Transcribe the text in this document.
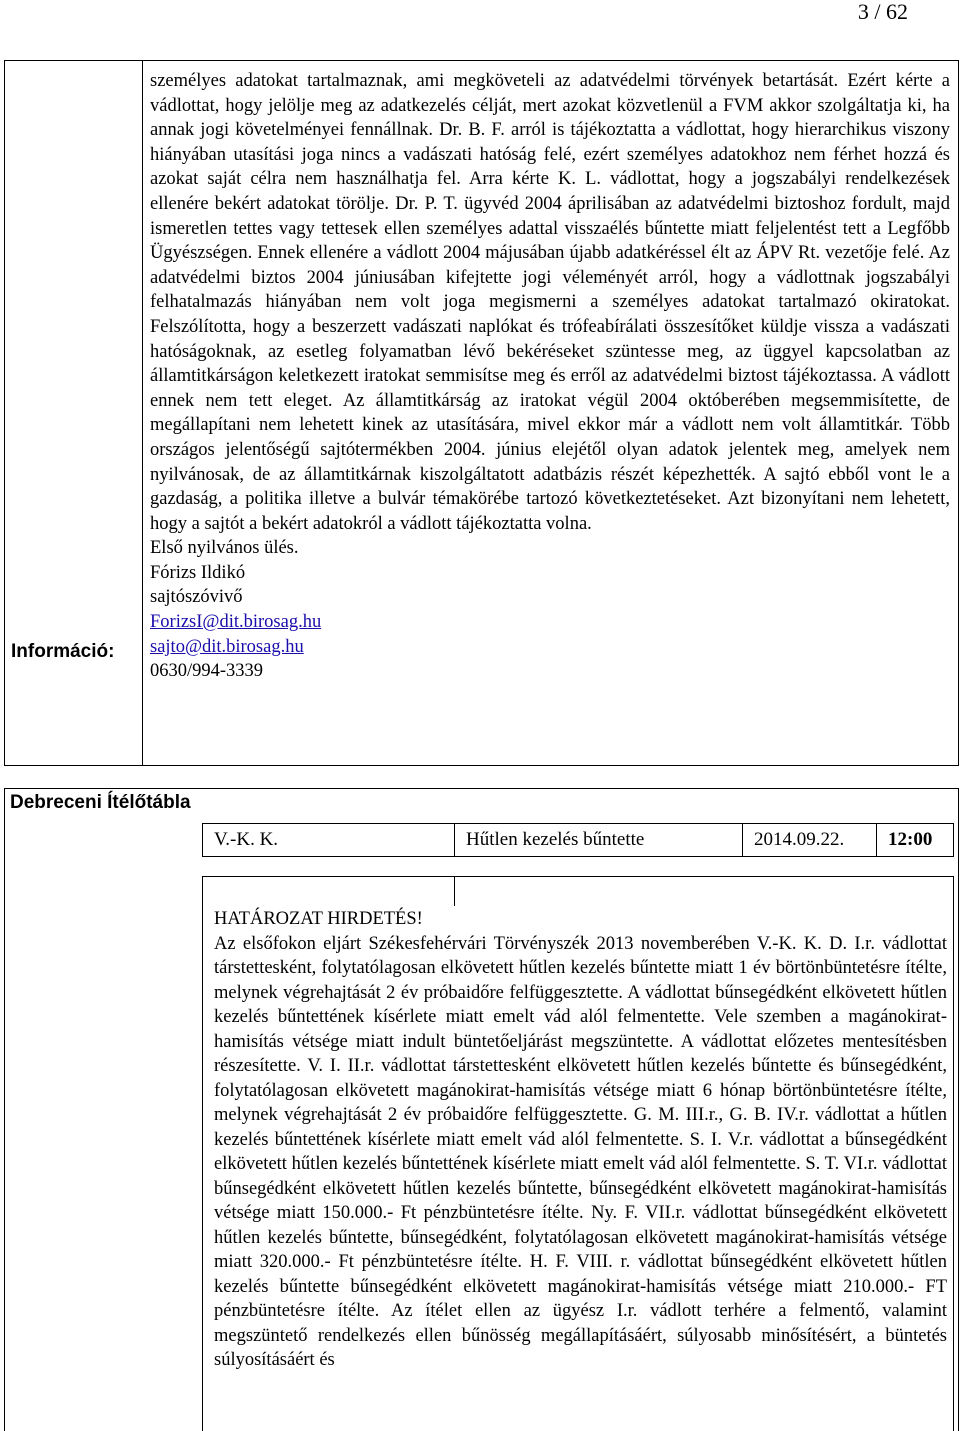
3 / 62
Információ:
személyes adatokat tartalmaznak, ami megköveteli az adatvédelmi törvények betartását. Ezért kérte a vádlottat, hogy jelölje meg az adatkezelés célját, mert azokat közvetlenül a FVM akkor szolgáltatja ki, ha annak jogi követelményei fennállnak. Dr. B. F. arról is tájékoztatta a vádlottat, hogy hierarchikus viszony hiányában utasítási joga nincs a vadászati hatóság felé, ezért személyes adatokhoz nem férhet hozzá és azokat saját célra nem használhatja fel. Arra kérte K. L. vádlottat, hogy a jogszabályi rendelkezések ellenére bekért adatokat törölje. Dr. P. T. ügyvéd 2004 áprilisában az adatvédelmi biztoshoz fordult, majd ismeretlen tettes vagy tettesek ellen személyes adattal visszaélés bűntette miatt feljelentést tett a Legfőbb Ügyészségen. Ennek ellenére a vádlott 2004 májusában újabb adatkéréssel élt az ÁPV Rt. vezetője felé. Az adatvédelmi biztos 2004 júniusában kifejtette jogi véleményét arról, hogy a vádlottnak jogszabályi felhatalmazás hiányában nem volt joga megismerni a személyes adatokat tartalmazó okiratokat. Felszólította, hogy a beszerzett vadászati naplókat és trófeabírálati összesítőket küldje vissza a vadászati hatóságoknak, az esetleg folyamatban lévő bekéréseket szüntesse meg, az üggyel kapcsolatban az államtitkárságon keletkezett iratokat semmisítse meg és erről az adatvédelmi biztost tájékoztassa. A vádlott ennek nem tett eleget. Az államtitkárság az iratokat végül 2004 októberében megsemmisítette, de megállapítani nem lehetett kinek az utasítására, mivel ekkor már a vádlott nem volt államtitkár. Több országos jelentőségű sajtótermékben 2004. június elejétől olyan adatok jelentek meg, amelyek nem nyilvánosak, de az államtitkárnak kiszolgáltatott adatbázis részét képezhették. A sajtó ebből vont le a gazdaság, a politika illetve a bulvár témakörébe tartozó következtetéseket. Azt bizonyítani nem lehetett, hogy a sajtót a bekért adatokról a vádlott tájékoztatta volna.
Első nyilvános ülés.
Fórizs Ildikó
sajtószóvivő
ForizsI@dit.birosag.hu
sajto@dit.birosag.hu
0630/994-3339
Debreceni Ítélőtábla
V.-K. K.	Hűtlen kezelés bűntette	2014.09.22. 12:00
HATÁROZAT HIRDETÉS!
Az elsőfokon eljárt Székesfehérvári Törvényszék 2013 novemberében V.-K. K. D. I.r. vádlottat társtettesként, folytatólagosan elkövetett hűtlen kezelés bűntette miatt 1 év börtönbüntetésre ítélte, melynek végrehajtását 2 év próbaidőre felfüggesztette. A vádlottat bűnsegédként elkövetett hűtlen kezelés bűntettének kísérlete miatt emelt vád alól felmentette. Vele szemben a magánokirat-hamisítás vétsége miatt indult büntetőeljárást megszüntette. A vádlottat előzetes mentesítésben részesítette. V. I. II.r. vádlottat társtettesként elkövetett hűtlen kezelés bűntette és bűnsegédként, folytatólagosan elkövetett magánokirat-hamisítás vétsége miatt 6 hónap börtönbüntetésre ítélte, melynek végrehajtását 2 év próbaidőre felfüggesztette. G. M. III.r., G. B. IV.r. vádlottat a hűtlen kezelés bűntettének kísérlete miatt emelt vád alól felmentette. S. I. V.r. vádlottat a bűnsegédként elkövetett hűtlen kezelés bűntettének kísérlete miatt emelt vád alól felmentette. S. T. VI.r. vádlottat bűnsegédként elkövetett hűtlen kezelés bűntette, bűnsegédként elkövetett magánokirat-hamisítás vétsége miatt 150.000.- Ft pénzbüntetésre ítélte. Ny. F. VII.r. vádlottat bűnsegédként elkövetett hűtlen kezelés bűntette, bűnsegédként, folytatólagosan elkövetett magánokirat-hamisítás vétsége miatt 320.000.- Ft pénzbüntetésre ítélte. H. F. VIII. r. vádlottat bűnsegédként elkövetett hűtlen kezelés bűntette bűnsegédként elkövetett magánokirat-hamisítás vétsége miatt 210.000.- FT pénzbüntetésre ítélte. Az ítélet ellen az ügyész I.r. vádlott terhére a felmentő, valamint megszüntető rendelkezés ellen bűnösség megállapításáért, súlyosabb minősítésért, a büntetés súlyosításáért és
